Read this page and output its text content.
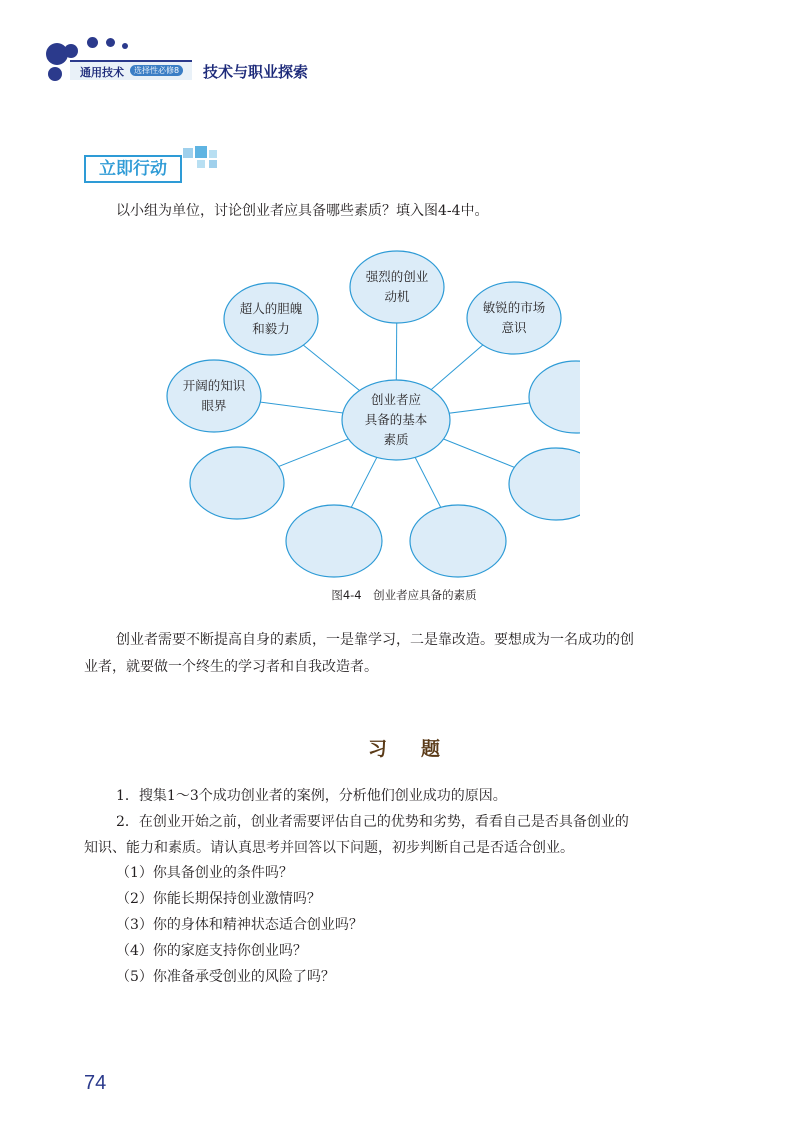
通用技术	选择性必修8 技术与职业探索
立即行动
以小组为单位，讨论创业者应具备哪些素质？填入图4-4中。
强烈的创业
动机
超人的胆魄
和毅力
敏锐的市场
意识
开阔的知识
眼界	创业者应
具备的基本
素质
图4-4　创业者应具备的素质
创业者需要不断提高自身的素质，一是靠学习，二是靠改造。要想成为一名成功的创
业者，就要做一个终生的学习者和自我改造者。
习题
1．搜集1～3个成功创业者的案例，分析他们创业成功的原因。
2．在创业开始之前，创业者需要评估自己的优势和劣势，看看自己是否具备创业的
知识、能力和素质。请认真思考并回答以下问题，初步判断自己是否适合创业。
（1）你具备创业的条件吗？
（2）你能长期保持创业激情吗？
（3）你的身体和精神状态适合创业吗？
（4）你的家庭支持你创业吗？
（5）你准备承受创业的风险了吗？
74
